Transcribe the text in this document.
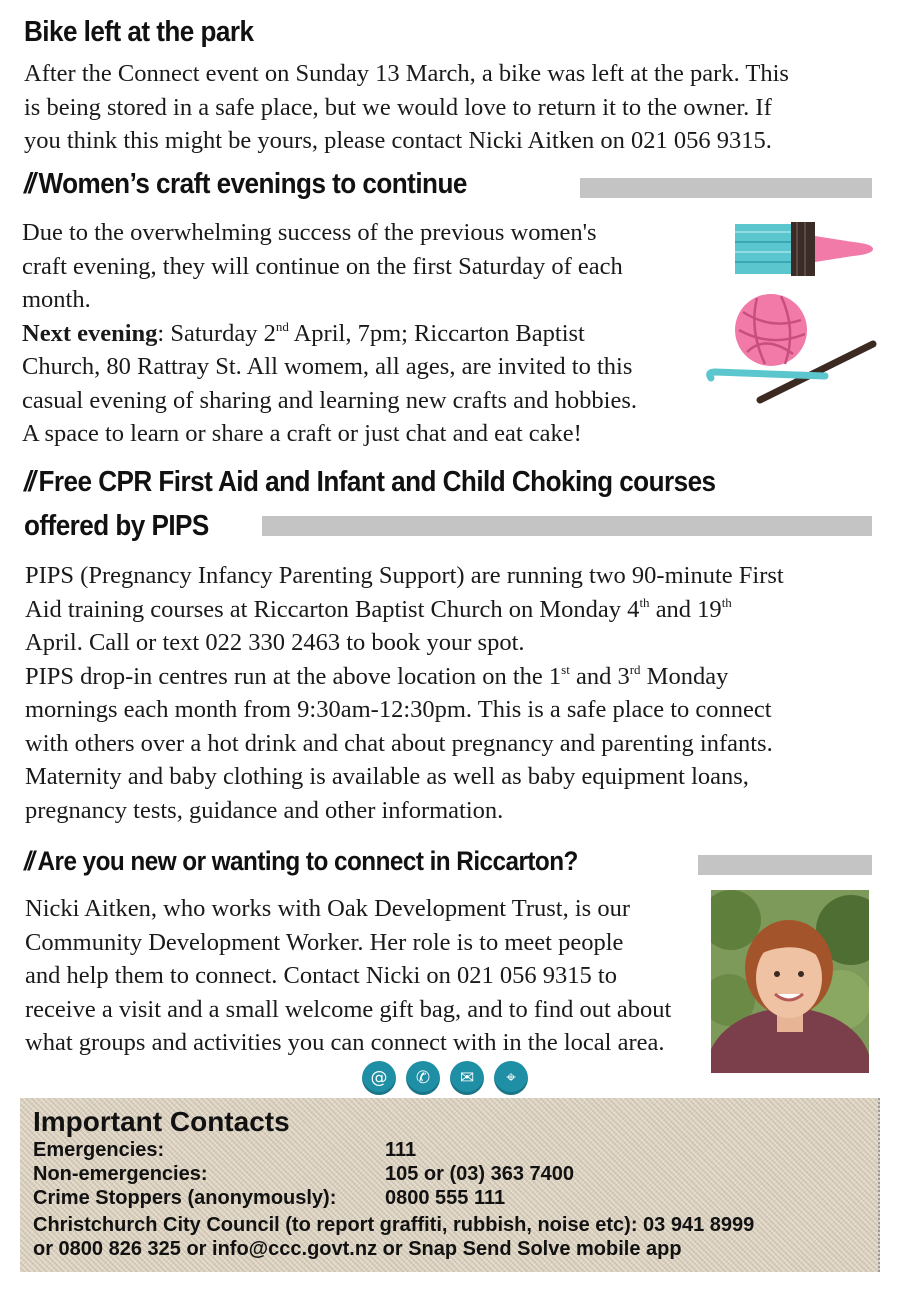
Bike left at the park
After the Connect event on Sunday 13 March, a bike was left at the park. This
is being stored in a safe place, but we would love to return it to the owner. If
you think this might be yours, please contact Nicki Aitken on 021 056 9315.
// Women’s craft evenings to continue
Due to the overwhelming success of the previous women's
craft evening, they will continue on the first Saturday of each
month.
Next evening: Saturday 2nd April, 7pm; Riccarton Baptist
Church, 80 Rattray St. All womem, all ages, are invited to this
casual evening of sharing and learning new crafts and hobbies.
A space to learn or share a craft or just chat and eat cake!
// Free CPR First Aid and Infant and Child Choking courses
offered by PIPS
PIPS (Pregnancy Infancy Parenting Support) are running two 90-minute First
Aid training courses at Riccarton Baptist Church on Monday 4th and 19th
April. Call or text 022 330 2463 to book your spot.
PIPS drop-in centres run at the above location on the 1st and 3rd Monday
mornings each month from 9:30am-12:30pm. This is a safe place to connect
with others over a hot drink and chat about pregnancy and parenting infants.
Maternity and baby clothing is available as well as baby equipment loans,
pregnancy tests, guidance and other information.
// Are you new or wanting to connect in Riccarton?
Nicki Aitken, who works with Oak Development Trust, is our
Community Development Worker. Her role is to meet people
and help them to connect. Contact Nicki on 021 056 9315 to
receive a visit and a small welcome gift bag, and to find out about
what groups and activities you can connect with in the local area.
@	✆	✉	⌖
Important Contacts
Emergencies:	111
Non-emergencies:	105 or (03) 363 7400
Crime Stoppers (anonymously): 0800 555 111
Christchurch City Council (to report graffiti, rubbish, noise etc): 03 941 8999
or 0800 826 325 or info@ccc.govt.nz or Snap Send Solve mobile app
